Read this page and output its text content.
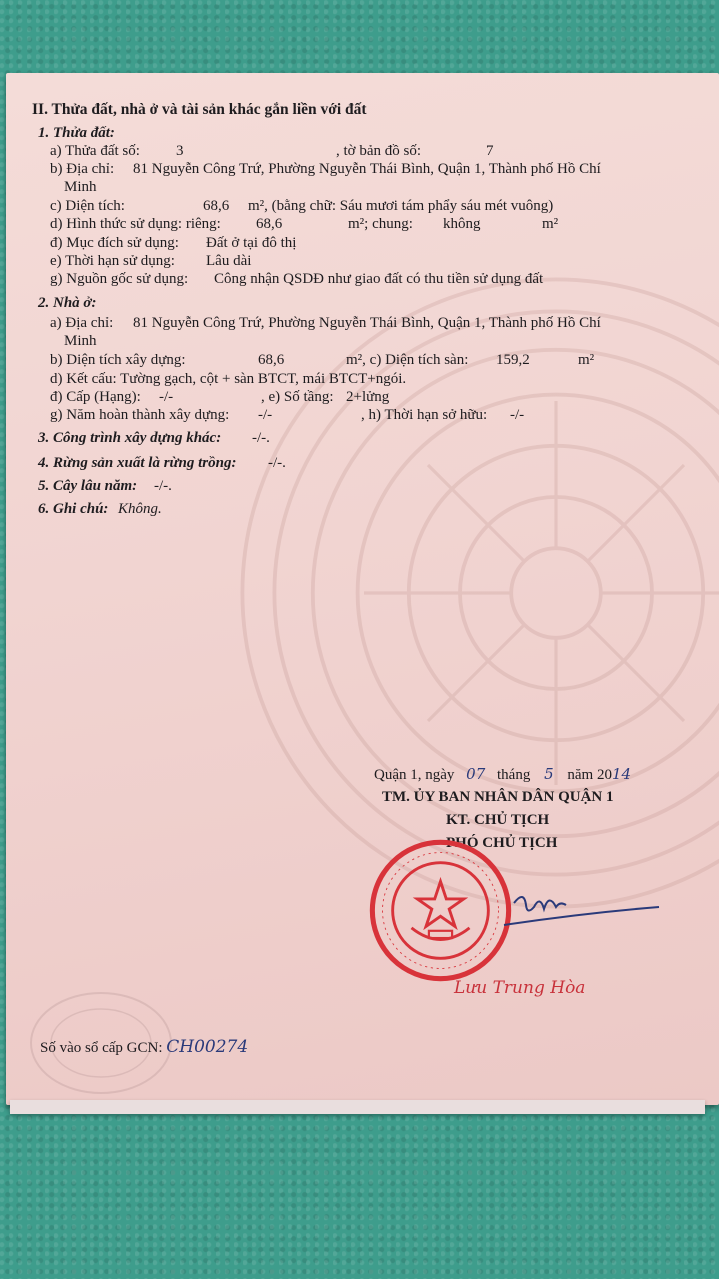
II. Thửa đất, nhà ở và tài sản khác gắn liền với đất
1. Thửa đất:
a) Thửa đất số: 3	, tờ bản đồ số:	7
b) Địa chỉ: 81 Nguyễn Công Trứ, Phường Nguyễn Thái Bình, Quận 1, Thành phố Hồ Chí
Minh
c) Diện tích:	68,6 m², (bằng chữ: Sáu mươi tám phẩy sáu mét vuông)
d) Hình thức sử dụng: riêng: 68,6	m²; chung: không	m²
đ) Mục đích sử dụng: Đất ở tại đô thị
e) Thời hạn sử dụng: Lâu dài
g) Nguồn gốc sử dụng: Công nhận QSDĐ như giao đất có thu tiền sử dụng đất
2. Nhà ở:
a) Địa chỉ: 81 Nguyễn Công Trứ, Phường Nguyễn Thái Bình, Quận 1, Thành phố Hồ Chí
Minh
b) Diện tích xây dựng:	68,6	m², c) Diện tích sàn: 159,2	m²
d) Kết cấu: Tường gạch, cột + sàn BTCT, mái BTCT+ngói.
đ) Cấp (Hạng): -/-	, e) Số tầng: 2+lửng
g) Năm hoàn thành xây dựng: -/-	, h) Thời hạn sở hữu: -/-
3. Công trình xây dựng khác: -/-.
4. Rừng sản xuất là rừng trồng: -/-.
5. Cây lâu năm: -/-.
6. Ghi chú: Không.
Quận 1, ngày 07 tháng 5 năm 2014
TM. ỦY BAN NHÂN DÂN QUẬN 1
KT. CHỦ TỊCH
PHÓ CHỦ TỊCH
Số vào sổ cấp GCN: CH00274
Lưu Trung Hòa
